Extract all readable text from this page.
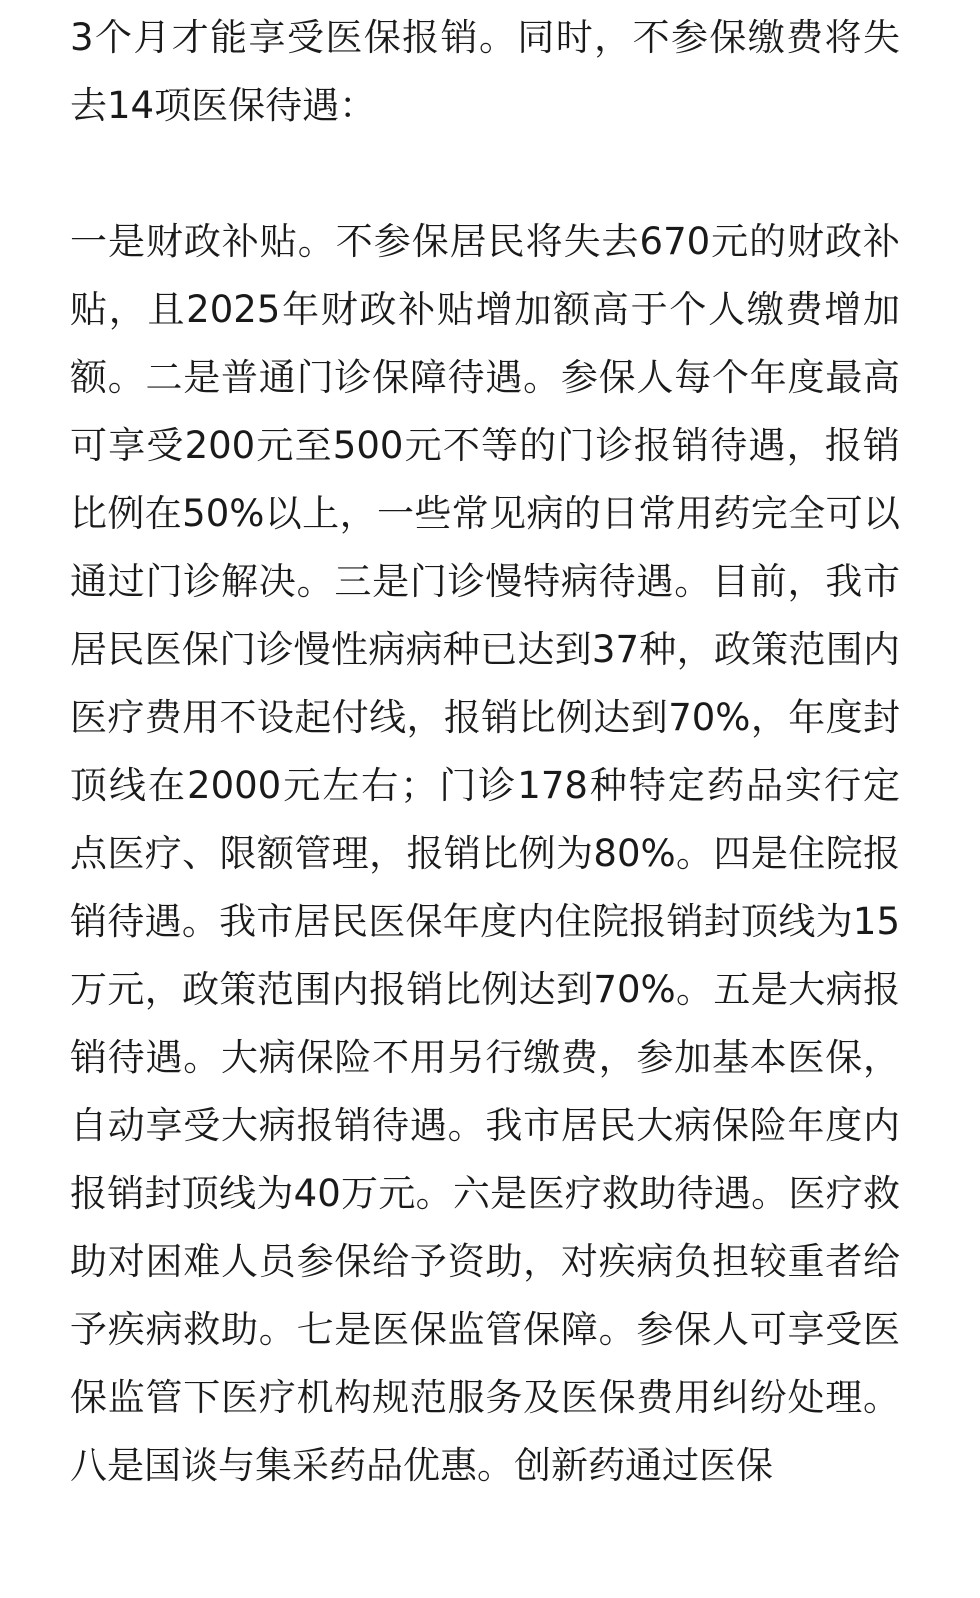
3个月才能享受医保报销。同时，不参保缴费将失去14项医保待遇：

一是财政补贴。不参保居民将失去670元的财政补贴，且2025年财政补贴增加额高于个人缴费增加额。二是普通门诊保障待遇。参保人每个年度最高可享受200元至500元不等的门诊报销待遇，报销比例在50%以上，一些常见病的日常用药完全可以通过门诊解决。三是门诊慢特病待遇。目前，我市居民医保门诊慢性病病种已达到37种，政策范围内医疗费用不设起付线，报销比例达到70%，年度封顶线在2000元左右；门诊178种特定药品实行定点医疗、限额管理，报销比例为80%。四是住院报销待遇。我市居民医保年度内住院报销封顶线为15万元，政策范围内报销比例达到70%。五是大病报销待遇。大病保险不用另行缴费，参加基本医保，自动享受大病报销待遇。我市居民大病保险年度内报销封顶线为40万元。六是医疗救助待遇。医疗救助对困难人员参保给予资助，对疾病负担较重者给予疾病救助。七是医保监管保障。参保人可享受医保监管下医疗机构规范服务及医保费用纠纷处理。八是国谈与集采药品优惠。创新药通过医保
